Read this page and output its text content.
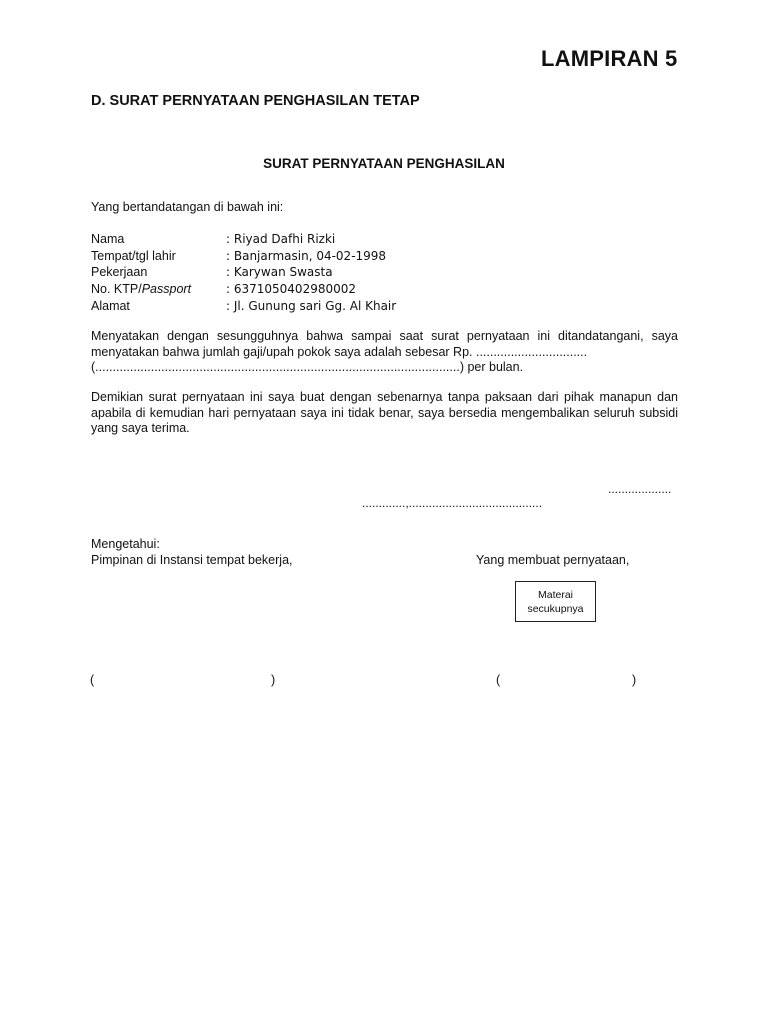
LAMPIRAN 5
D. SURAT PERNYATAAN PENGHASILAN TETAP
SURAT PERNYATAAN PENGHASILAN
Yang bertandatangan di bawah ini:
Nama	: Riyad Dafhi Rizki
Tempat/tgl lahir	: Banjarmasin, 04-02-1998
Pekerjaan	: Karywan Swasta
No. KTP/Passport	: 6371050402980002
Alamat	: Jl. Gunung sari Gg. Al Khair
Menyatakan dengan sesungguhnya bahwa sampai saat surat pernyataan ini ditandatangani, saya menyatakan bahwa jumlah gaji/upah pokok saya adalah sebesar Rp. ................................
(.........................................................................................................) per bulan.
Demikian surat pernyataan ini saya buat dengan sebenarnya tanpa paksaan dari pihak manapun dan apabila di kemudian hari pernyataan saya ini tidak benar, saya bersedia mengembalikan seluruh subsidi yang saya terima.
...................
.............,........................................
Mengetahui:
Pimpinan di Instansi tempat bekerja,	Yang membuat pernyataan,
Materai
secukupnya
(	)	(	)
